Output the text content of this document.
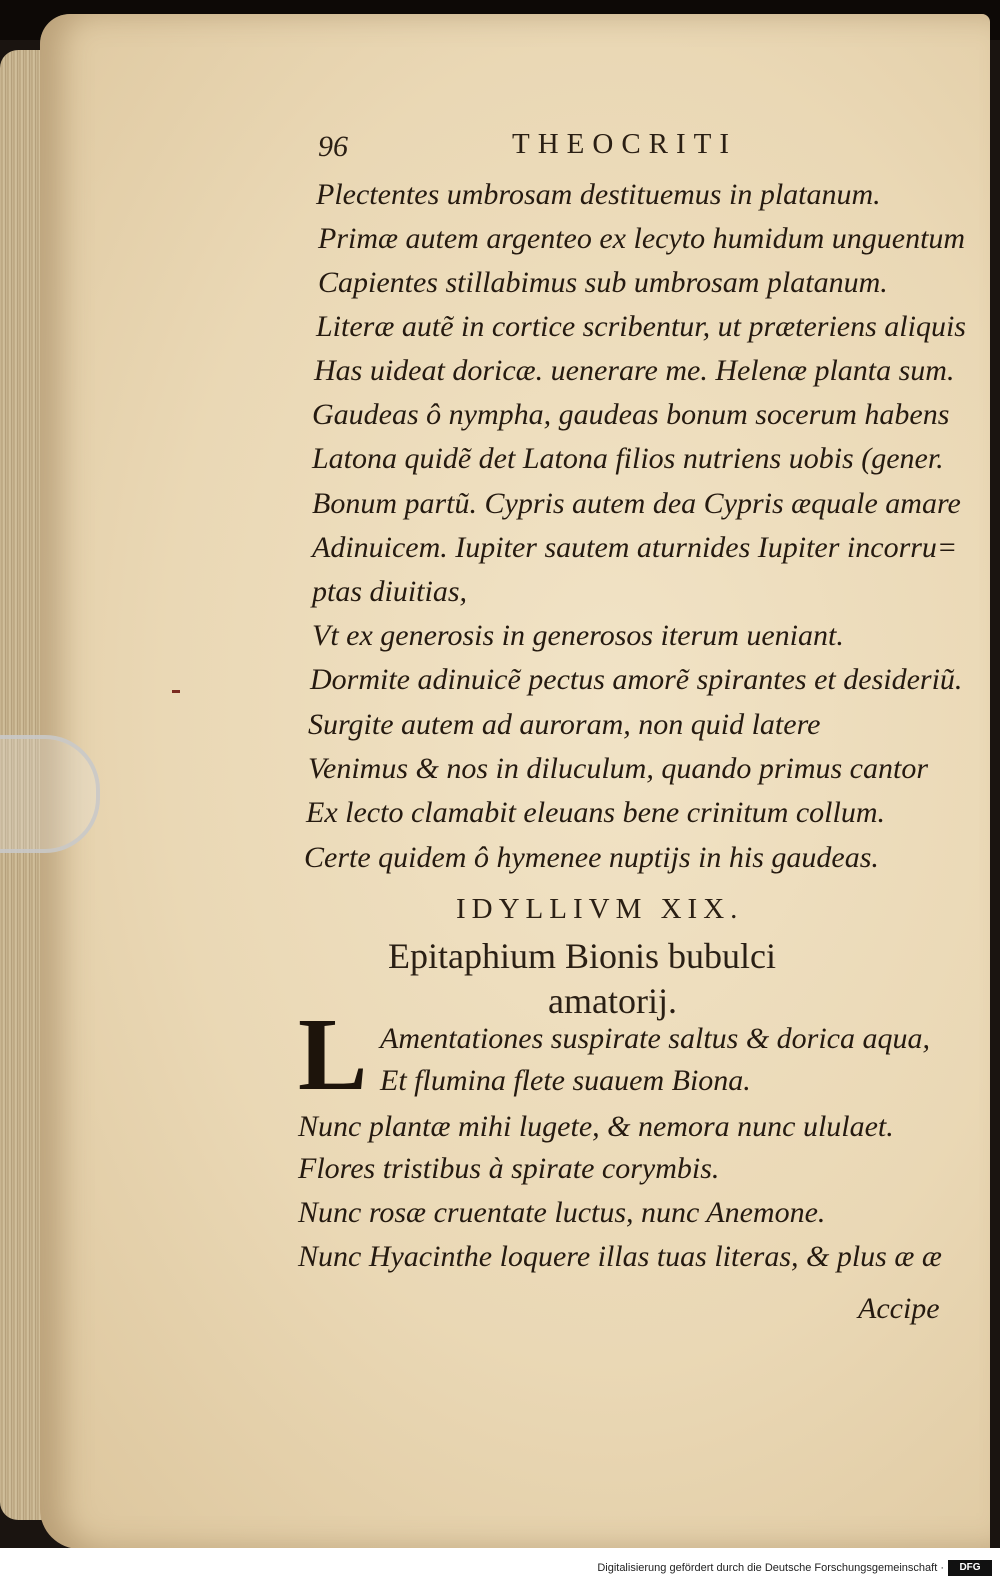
96	THEOCRITI
Plectentes umbrosam destituemus in platanum.
Primæ autem argenteo ex lecyto humidum unguentum
Capientes stillabimus sub umbrosam platanum.
Literæ autẽ in cortice scribentur, ut præteriens aliquis
Has uideat doricæ. uenerare me. Helenæ planta sum.
Gaudeas ô nympha, gaudeas bonum socerum habens
Latona quidẽ det Latona filios nutriens uobis (gener.
Bonum partũ. Cypris autem dea Cypris æquale amare
Adinuicem. Iupiter sautem aturnides Iupiter incorru=
ptas diuitias,
Vt ex generosis in generosos iterum ueniant.
Dormite adinuicẽ pectus amorẽ spirantes et desideriũ.
Surgite autem ad auroram, non quid latere
Venimus & nos in diluculum, quando primus cantor
Ex lecto clamabit eleuans bene crinitum collum.
Certe quidem ô hymenee nuptijs in his gaudeas.
IDYLLIVM XIX.
Epitaphium Bionis bubulci
amatorij.
L Amentationes suspirate saltus & dorica aqua,
Et flumina flete suauem Biona.
Nunc plantæ mihi lugete, & nemora nunc ululaet.
Flores tristibus à spirate corymbis.
Nunc rosæ cruentate luctus, nunc Anemone.
Nunc Hyacinthe loquere illas tuas literas, & plus æ æ
Accipe
Digitalisierung gefördert durch die Deutsche Forschungsgemeinschaft ·	DFG
